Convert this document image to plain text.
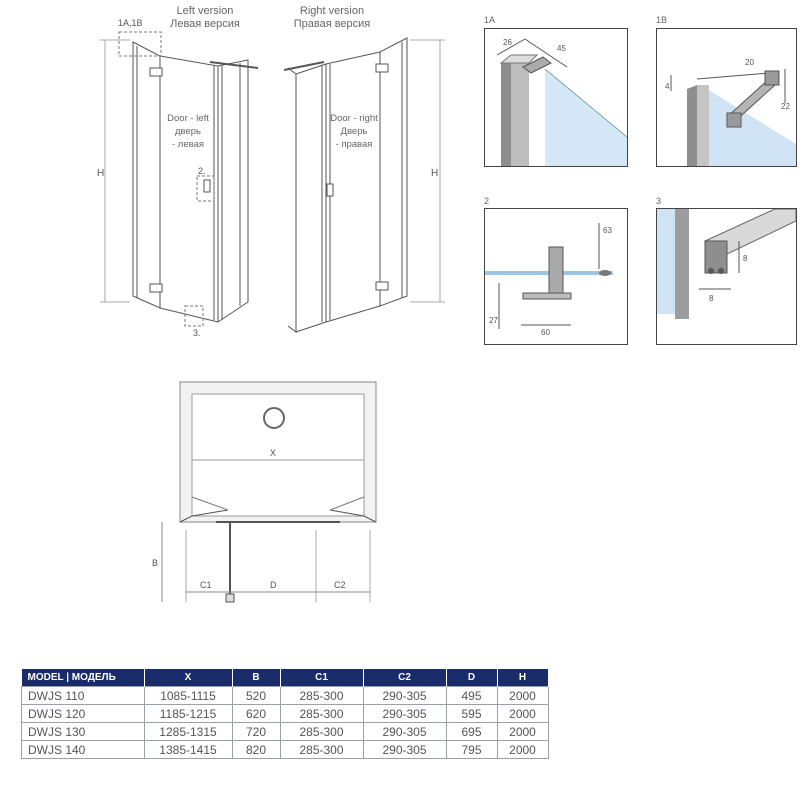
Left version
Левая версия
Right version
Правая версия
1A,1B
H	2.
3.
Door - left
дверь
- левая
Door - right
Дверь
- правая
H
1A
26
45
1B
20
4
22
2
63
27
60
3
8
8
X
B
C1	D	C2
MODEL | МОДЕЛЬ	X	B	C1	C2	D	H
DWJS 110	1085-1115	520	285-300	290-305	495	2000
DWJS 120	1185-1215	620	285-300	290-305	595	2000
DWJS 130	1285-1315	720	285-300	290-305	695	2000
DWJS 140	1385-1415	820	285-300	290-305	795	2000
